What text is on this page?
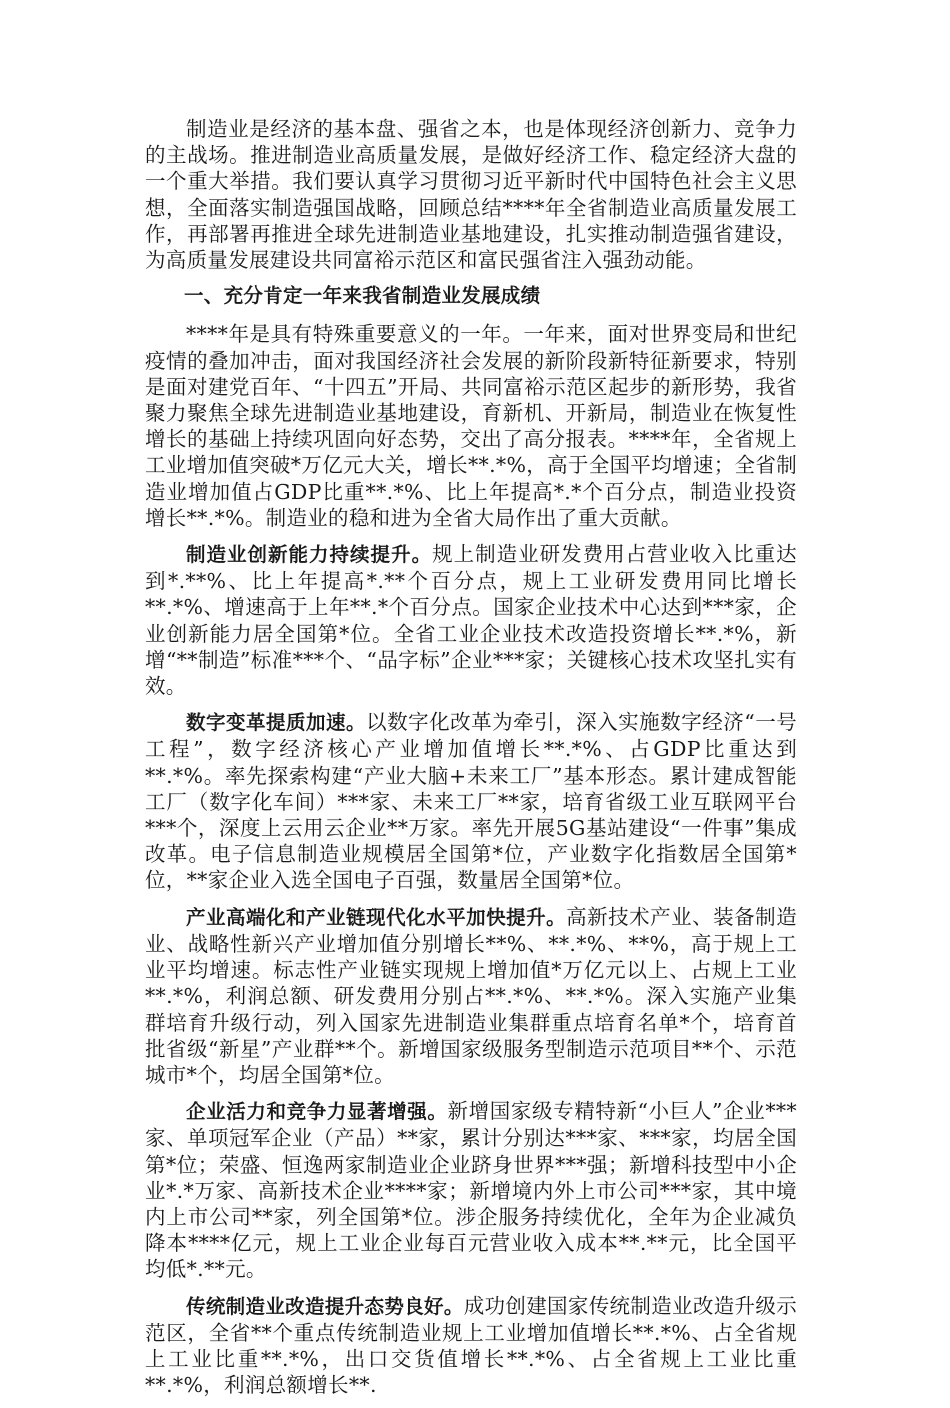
制造业是经济的基本盘、强省之本，也是体现经济创新力、竞争力的主战场。推进制造业高质量发展，是做好经济工作、稳定经济大盘的一个重大举措。我们要认真学习贯彻习近平新时代中国特色社会主义思想，全面落实制造强国战略，回顾总结****年全省制造业高质量发展工作，再部署再推进全球先进制造业基地建设，扎实推动制造强省建设，为高质量发展建设共同富裕示范区和富民强省注入强劲动能。

一、充分肯定一年来我省制造业发展成绩

****年是具有特殊重要意义的一年。一年来，面对世界变局和世纪疫情的叠加冲击，面对我国经济社会发展的新阶段新特征新要求，特别是面对建党百年、“十四五”开局、共同富裕示范区起步的新形势，我省聚力聚焦全球先进制造业基地建设，育新机、开新局，制造业在恢复性增长的基础上持续巩固向好态势，交出了高分报表。****年，全省规上工业增加值突破*万亿元大关，增长**.*%，高于全国平均增速；全省制造业增加值占GDP比重**.*%、比上年提高*.*个百分点，制造业投资增长**.*%。制造业的稳和进为全省大局作出了重大贡献。

制造业创新能力持续提升。规上制造业研发费用占营业收入比重达到*.**%、比上年提高*.**个百分点，规上工业研发费用同比增长**.*%、增速高于上年**.*个百分点。国家企业技术中心达到***家，企业创新能力居全国第*位。全省工业企业技术改造投资增长**.*%，新增“**制造”标准***个、“品字标”企业***家；关键核心技术攻坚扎实有效。

数字变革提质加速。以数字化改革为牵引，深入实施数字经济“一号工程”，数字经济核心产业增加值增长**.*%、占GDP比重达到**.*%。率先探索构建“产业大脑+未来工厂”基本形态。累计建成智能工厂（数字化车间）***家、未来工厂**家，培育省级工业互联网平台***个，深度上云用云企业**万家。率先开展5G基站建设“一件事”集成改革。电子信息制造业规模居全国第*位，产业数字化指数居全国第*位，**家企业入选全国电子百强，数量居全国第*位。

产业高端化和产业链现代化水平加快提升。高新技术产业、装备制造业、战略性新兴产业增加值分别增长**%、**.*%、**%，高于规上工业平均增速。标志性产业链实现规上增加值*万亿元以上、占规上工业**.*%，利润总额、研发费用分别占**.*%、**.*%。深入实施产业集群培育升级行动，列入国家先进制造业集群重点培育名单*个，培育首批省级“新星”产业群**个。新增国家级服务型制造示范项目**个、示范城市*个，均居全国第*位。

企业活力和竞争力显著增强。新增国家级专精特新“小巨人”企业***家、单项冠军企业（产品）**家，累计分别达***家、***家，均居全国第*位；荣盛、恒逸两家制造业企业跻身世界***强；新增科技型中小企业*.*万家、高新技术企业****家；新增境内外上市公司***家，其中境内上市公司**家，列全国第*位。涉企服务持续优化，全年为企业减负降本****亿元，规上工业企业每百元营业收入成本**.**元，比全国平均低*.**元。

传统制造业改造提升态势良好。成功创建国家传统制造业改造升级示范区，全省**个重点传统制造业规上工业增加值增长**.*%、占全省规上工业比重**.*%，出口交货值增长**.*%、占全省规上工业比重**.*%，利润总额增长**.
